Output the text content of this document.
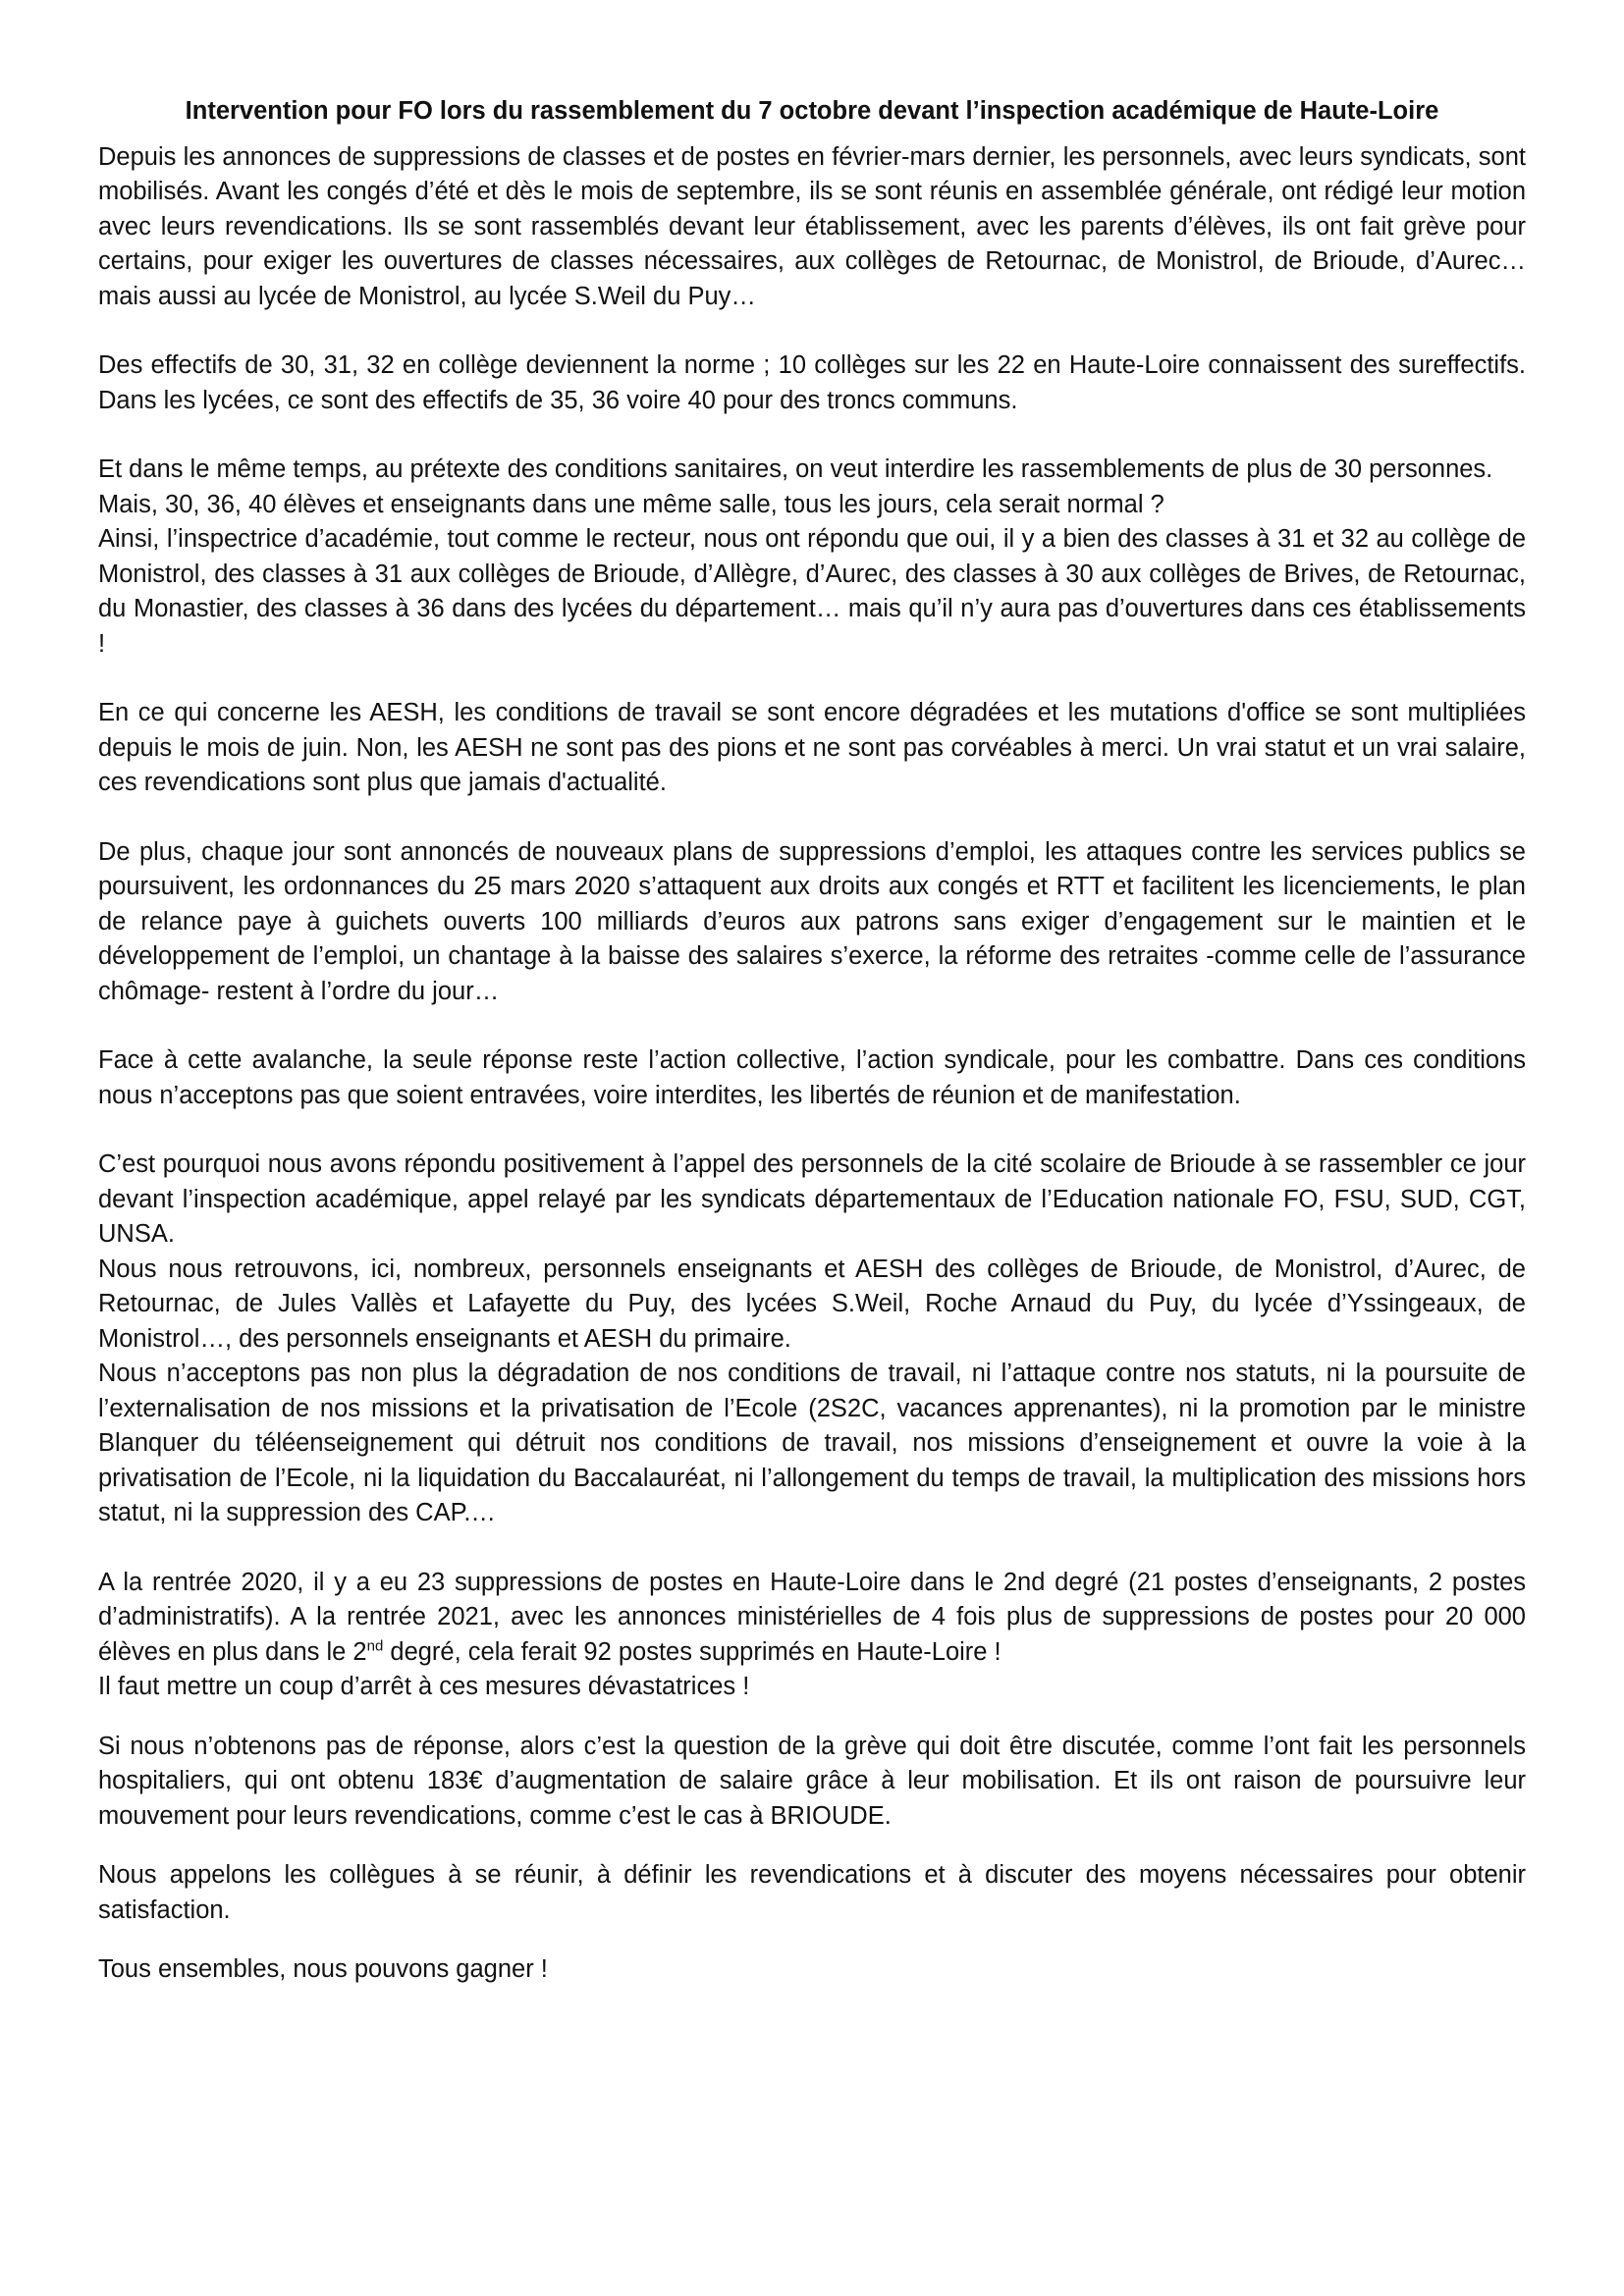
Intervention pour FO lors du rassemblement du 7 octobre devant l’inspection académique de Haute-Loire

Depuis les annonces de suppressions de classes et de postes en février-mars dernier, les personnels, avec leurs syndicats, sont mobilisés. Avant les congés d’été et dès le mois de septembre, ils se sont réunis en assemblée générale, ont rédigé leur motion avec leurs revendications. Ils se sont rassemblés devant leur établissement, avec les parents d’élèves, ils ont fait grève pour certains, pour exiger les ouvertures de classes nécessaires, aux collèges de Retournac, de Monistrol, de Brioude, d’Aurec… mais aussi au lycée de Monistrol, au lycée S.Weil du Puy…

Des effectifs de 30, 31, 32 en collège deviennent la norme ; 10 collèges sur les 22 en Haute-Loire connaissent des sureffectifs. Dans les lycées, ce sont des effectifs de 35, 36 voire 40 pour des troncs communs.

Et dans le même temps, au prétexte des conditions sanitaires, on veut interdire les rassemblements de plus de 30 personnes.

Mais, 30, 36, 40 élèves et enseignants dans une même salle, tous les jours, cela serait normal ?

Ainsi, l’inspectrice d’académie, tout comme le recteur, nous ont répondu que oui, il y a bien des classes à 31 et 32 au collège de Monistrol, des classes à 31 aux collèges de Brioude, d’Allègre, d’Aurec, des classes à 30 aux collèges de Brives, de Retournac, du Monastier, des classes à 36 dans des lycées du département… mais qu’il n’y aura pas d’ouvertures dans ces établissements !

En ce qui concerne les AESH, les conditions de travail se sont encore dégradées et les mutations d'office se sont multipliées depuis le mois de juin. Non, les AESH ne sont pas des pions et ne sont pas corvéables à merci. Un vrai statut et un vrai salaire, ces revendications sont plus que jamais d'actualité.

De plus, chaque jour sont annoncés de nouveaux plans de suppressions d’emploi, les attaques contre les services publics se poursuivent, les ordonnances du 25 mars 2020 s’attaquent aux droits aux congés et RTT et facilitent les licenciements, le plan de relance paye à guichets ouverts 100 milliards d’euros aux patrons sans exiger d’engagement sur le maintien et le développement de l’emploi, un chantage à la baisse des salaires s’exerce, la réforme des retraites -comme celle de l’assurance chômage- restent à l’ordre du jour…

Face à cette avalanche, la seule réponse reste l’action collective, l’action syndicale, pour les combattre. Dans ces conditions nous n’acceptons pas que soient entravées, voire interdites, les libertés de réunion et de manifestation.

C’est pourquoi nous avons répondu positivement à l’appel des personnels de la cité scolaire de Brioude à se rassembler ce jour devant l’inspection académique, appel relayé par les syndicats départementaux de l’Education nationale FO, FSU, SUD, CGT, UNSA.

Nous nous retrouvons, ici, nombreux, personnels enseignants et AESH des collèges de Brioude, de Monistrol, d’Aurec, de Retournac, de Jules Vallès et Lafayette du Puy, des lycées S.Weil, Roche Arnaud du Puy, du lycée d’Yssingeaux, de Monistrol…, des personnels enseignants et AESH du primaire.

Nous n’acceptons pas non plus la dégradation de nos conditions de travail, ni l’attaque contre nos statuts, ni la poursuite de l’externalisation de nos missions et la privatisation de l’Ecole (2S2C, vacances apprenantes), ni la promotion par le ministre Blanquer du téléenseignement qui détruit nos conditions de travail, nos missions d’enseignement et ouvre la voie à la privatisation de l’Ecole, ni la liquidation du Baccalauréat, ni l’allongement du temps de travail, la multiplication des missions hors statut, ni la suppression des CAP.…

A la rentrée 2020, il y a eu 23 suppressions de postes en Haute-Loire dans le 2nd degré (21 postes d’enseignants, 2 postes d’administratifs). A la rentrée 2021, avec les annonces ministérielles de 4 fois plus de suppressions de postes pour 20 000 élèves en plus dans le 2nd degré, cela ferait 92 postes supprimés en Haute-Loire !

Il faut mettre un coup d’arrêt à ces mesures dévastatrices !

Si nous n’obtenons pas de réponse, alors c’est la question de la grève qui doit être discutée, comme l’ont fait les personnels hospitaliers, qui ont obtenu 183€ d’augmentation de salaire grâce à leur mobilisation. Et ils ont raison de poursuivre leur mouvement pour leurs revendications, comme c’est le cas à BRIOUDE.

Nous appelons les collègues à se réunir, à définir les revendications et à discuter des moyens nécessaires pour obtenir satisfaction.

Tous ensembles, nous pouvons gagner !
